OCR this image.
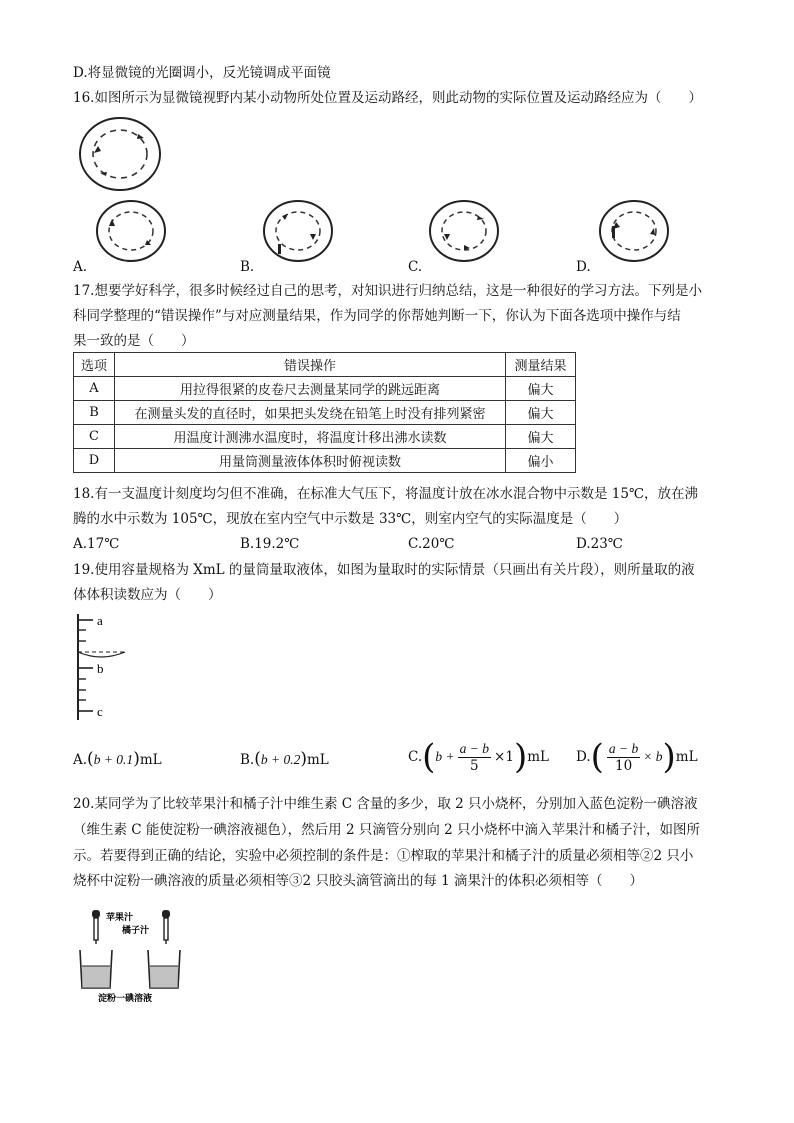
D.将显微镜的光圈调小，反光镜调成平面镜
16.如图所示为显微镜视野内某小动物所处位置及运动路经，则此动物的实际位置及运动路经应为（　　）
A.	B.	C.	D.
17.想要学好科学，很多时候经过自己的思考，对知识进行归纳总结，这是一种很好的学习方法。下列是小
科同学整理的“错误操作”与对应测量结果，作为同学的你帮她判断一下，你认为下面各选项中操作与结
果一致的是（　　）
选项	错误操作	测量结果
A	用拉得很紧的皮卷尺去测量某同学的跳远距离	偏大
B	在测量头发的直径时，如果把头发绕在铅笔上时没有排列紧密	偏大
C	用温度计测沸水温度时，将温度计移出沸水读数	偏大
D	用量筒测量液体体积时俯视读数	偏小
18.有一支温度计刻度均匀但不准确，在标准大气压下，将温度计放在冰水混合物中示数是 15℃，放在沸
腾的水中示数为 105℃，现放在室内空气中示数是 33℃，则室内空气的实际温度是（　　）
A.17℃	B.19.2℃	C.20℃	D.23℃
19.使用容量规格为 XmL 的量筒量取液体，如图为量取时的实际情景（只画出有关片段），则所量取的液
体体积读数应为（　　）
a
b
c
A.(b + 0.1)mL	B.(b + 0.2)mL	C. ( $b + \frac{a - b}{5} \times 1$ ) mL D. ( $\frac{a - b}{10} \times b$ ) mL
20.某同学为了比较苹果汁和橘子汁中维生素 C 含量的多少，取 2 只小烧杯，分别加入蓝色淀粉一碘溶液
（维生素 C 能使淀粉一碘溶液褪色），然后用 2 只滴管分别向 2 只小烧杯中滴入苹果汁和橘子汁，如图所
示。若要得到正确的结论，实验中必须控制的条件是：①榨取的苹果汁和橘子汁的质量必须相等②2 只小
烧杯中淀粉一碘溶液的质量必须相等③2 只胶头滴管滴出的每 1 滴果汁的体积必须相等（　　）
苹果汁
橘子汁
淀粉一碘溶液
